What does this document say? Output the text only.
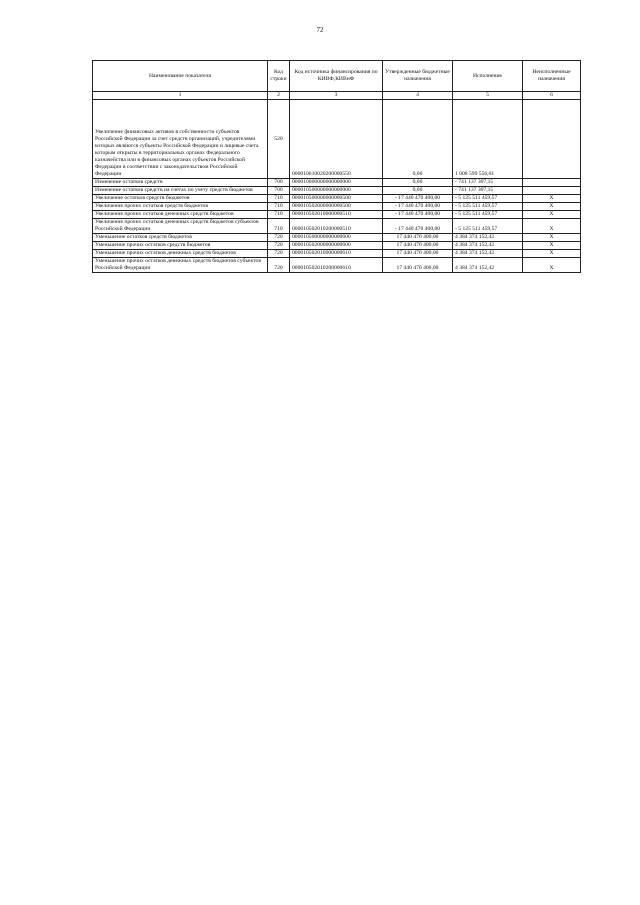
72
Наименование показателя	Код строки	Код источника финансирования по КИВФ,КИВнФ	Утвержденные бюджетные назначения	Исполнение	Неисполненные назначения
1	2	3	4	5	6
Увеличение финансовых активов в собственности субъектов Российской Федерации за счет средств организаций, учредителями которых являются субъекты Российской Федерации и лицевые счета которым открыты в территориальных органах Федерального казначейства или в финансовых органах субъектов Российской Федерации в соответствии с законодательством Российской Федерации	520	000010610020200000550	0,00	1 008 599 556,01	
Изменение остатков средств	700	000010000000000000000	0,00	- 741 137 307,15	
Изменение остатков средств на счетах по учету средств бюджетов	700	000010500000000000000	0,00	- 741 137 307,15	
Увеличение остатков средств бюджетов	710	000010500000000000500	- 17 440 470 400,00	- 5 125 511 459,57	X
Увеличение прочих остатков средств бюджетов	710	000010502000000000500	- 17 440 470 400,00	- 5 125 511 459,57	X
Увеличение прочих остатков денежных средств бюджетов	710	000010502010000000510	- 17 440 470 400,00	- 5 125 511 459,57	X
Увеличение прочих остатков денежных средств бюджетов субъектов Российской Федерации	710	000010502010200000510	- 17 440 470 400,00	- 5 125 511 459,57	X
Уменьшение остатков средств бюджетов	720	000010500000000000600	17 440 470 400,00	4 384 374 152,42	X
Уменьшение прочих остатков средств бюджетов	720	000010502000000000600	17 440 470 400,00	4 384 374 152,42	X
Уменьшение прочих остатков денежных средств бюджетов	720	000010502010000000610	17 440 470 400,00	4 384 374 152,42	X
Уменьшение прочих остатков денежных средств бюджетов субъектов Российской Федерации	720	000010502010200000610	17 440 470 400,00	4 384 374 152,42	X
